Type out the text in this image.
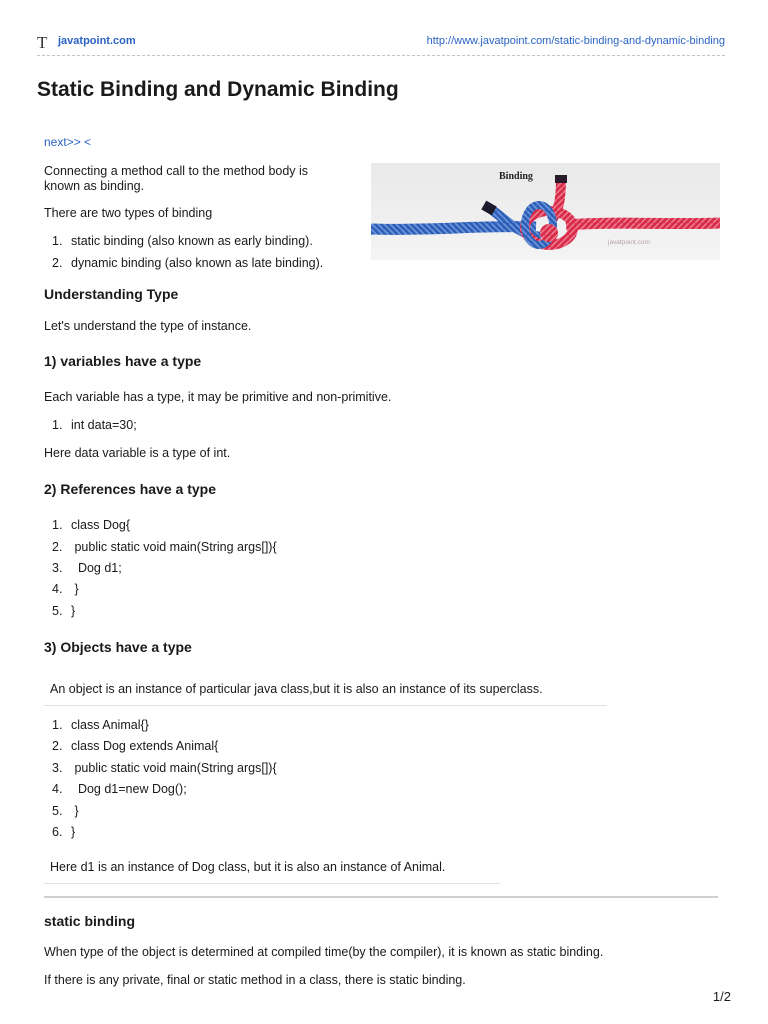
T javatpoint.com	http://www.javatpoint.com/static-binding-and-dynamic-binding
Static Binding and Dynamic Binding
next>> <

Connecting a method call to the method body is

known as binding.

There are two types of binding

1. static binding (also known as early binding).
2. dynamic binding (also known as late binding).
Binding
javatpoint.com
Understanding Type

Let's understand the type of instance.

1) variables have a type

Each variable has a type, it may be primitive and non-primitive.

1. int data=30;

Here data variable is a type of int.

2) References have a type
1. class Dog{
2. public static void main(String args[]){
3.  Dog d1;
4. }
5. }
3) Objects have a type
An object is an instance of particular java class,but it is also an instance of its superclass.
1. class Animal{}
2. class Dog extends Animal{
3. public static void main(String args[]){
4.  Dog d1=new Dog();
5. }
6. }
Here d1 is an instance of Dog class, but it is also an instance of Animal.
static binding

When type of the object is determined at compiled time(by the compiler), it is known as static binding.

If there is any private, final or static method in a class, there is static binding.

1/2
